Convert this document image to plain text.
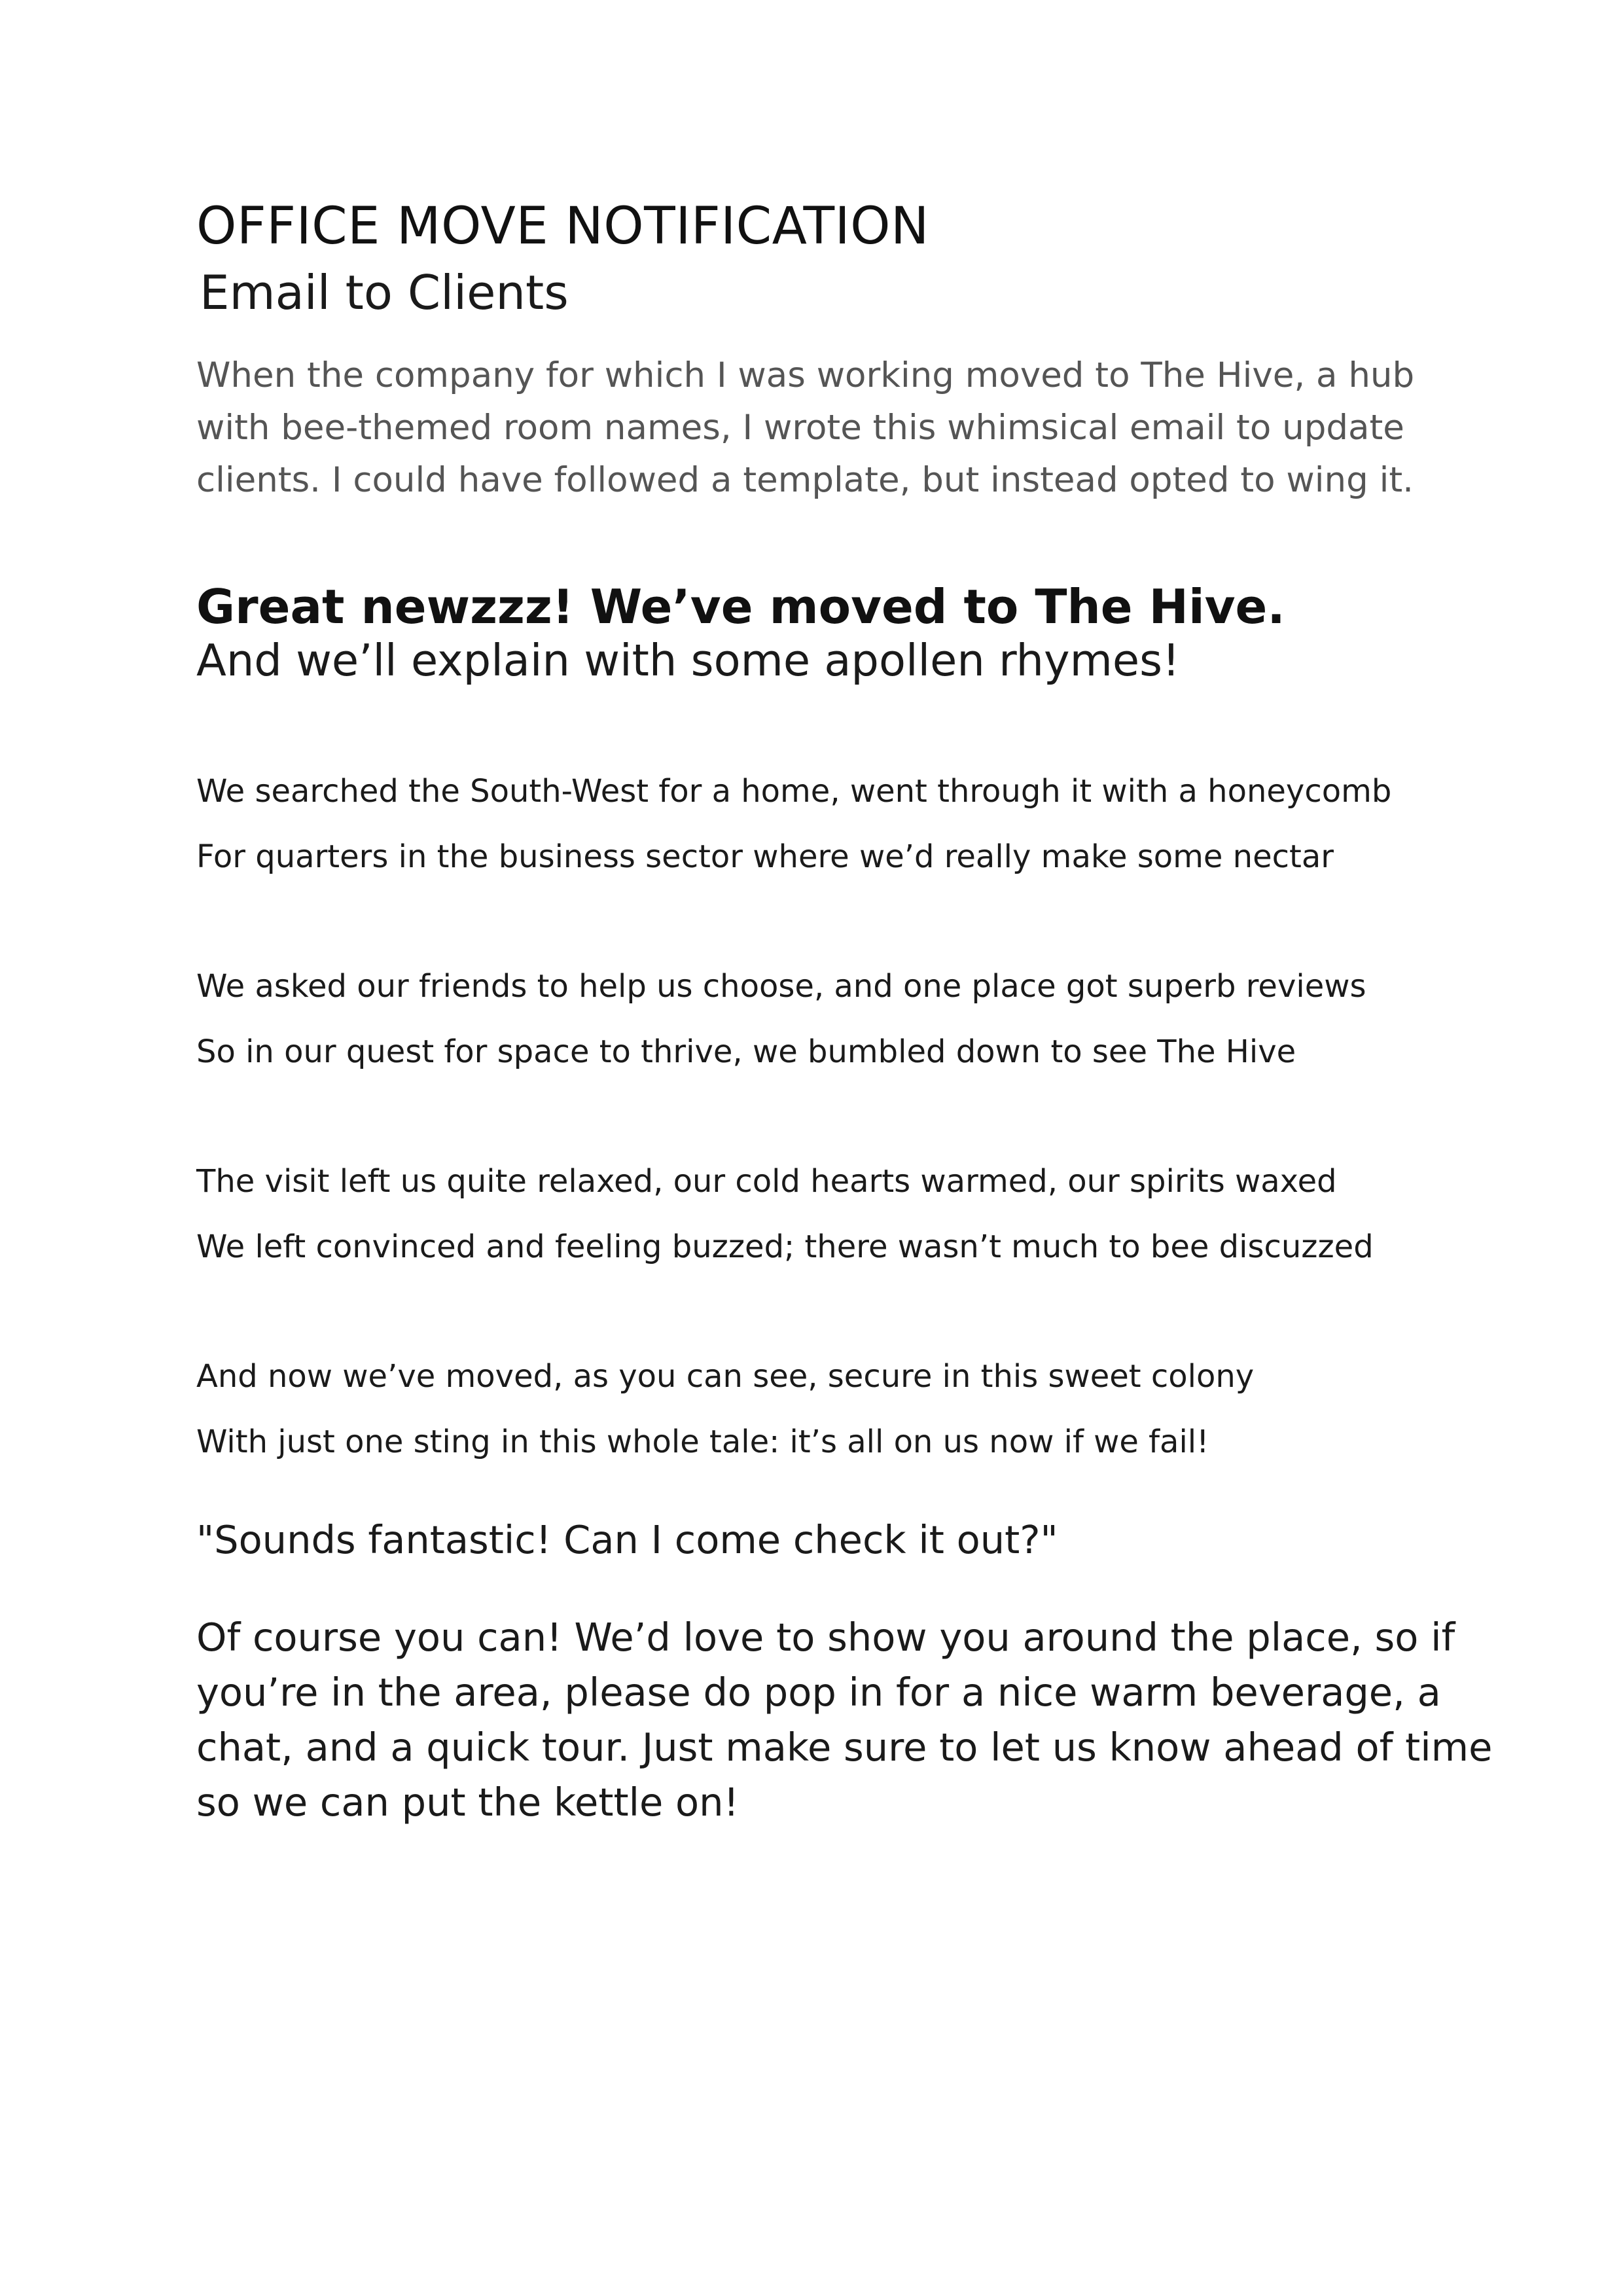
OFFICE MOVE NOTIFICATION
Email to Clients

When the company for which I was working moved to The Hive, a hub with bee-themed room names, I wrote this whimsical email to update clients. I could have followed a template, but instead opted to wing it.

Great newzzz! We’ve moved to The Hive.
And we’ll explain with some apollen rhymes!
We searched the South-West for a home, went through it with a honeycomb
For quarters in the business sector where we’d really make some nectar
We asked our friends to help us choose, and one place got superb reviews
So in our quest for space to thrive, we bumbled down to see The Hive
The visit left us quite relaxed, our cold hearts warmed, our spirits waxed
We left convinced and feeling buzzed; there wasn’t much to bee discuzzed
And now we’ve moved, as you can see, secure in this sweet colony
With just one sting in this whole tale: it’s all on us now if we fail!
"Sounds fantastic! Can I come check it out?"
Of course you can! We’d love to show you around the place, so if you’re in the area, please do pop in for a nice warm beverage, a chat, and a quick tour. Just make sure to let us know ahead of time so we can put the kettle on!
